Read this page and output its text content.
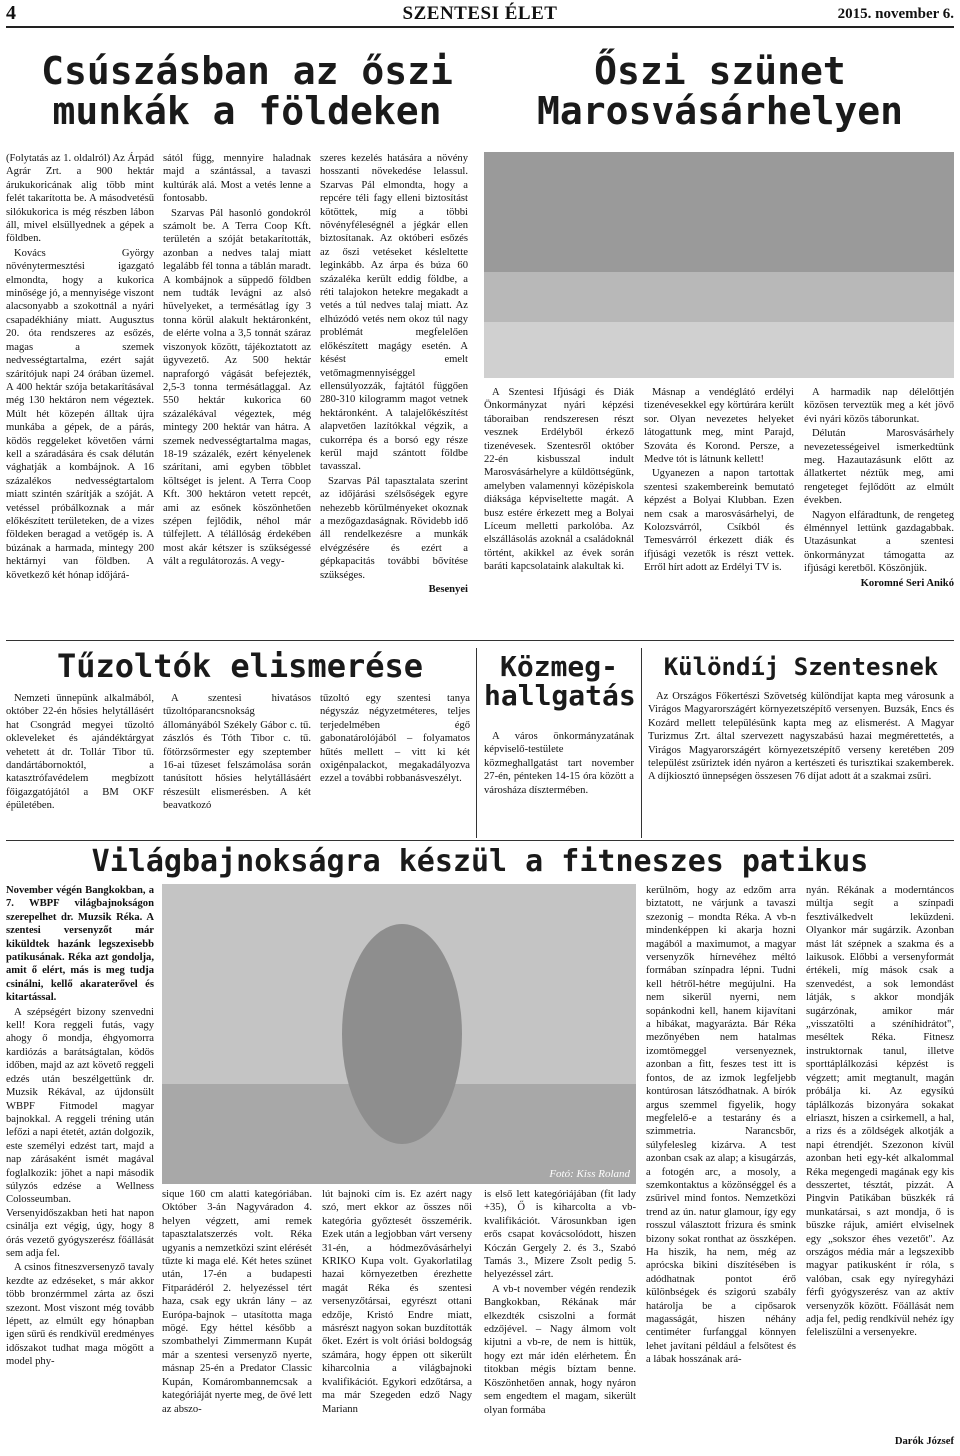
4	SZENTESI ÉLET	2015. november 6.
Csúszásban az őszi
munkák a földeken

(Folytatás az 1. oldalról) Az Árpád Agrár Zrt. a 900 hektár árukukoricának alig több mint felét takarította be. A másodvetésű silókukorica is még részben lábon áll, mivel elsüllyednek a gépek a földben.

Kovács György növénytermesztési igazgató elmondta, hogy a kukorica minősége jó, a mennyisége viszont alacsonyabb a szokottnál a nyári csapadékhiány miatt. Augusztus 20. óta rendszeres az esőzés, magas a szemek nedvességtartalma, ezért saját szárítójuk napi 24 órában üzemel. A 400 hektár szója betakarításával még 130 hektáron nem végeztek. Múlt hét közepén álltak újra munkába a gépek, de a párás, ködös reggeleket követően várni kell a száradására és csak délután vághatják a kombájnok. A 16 százalékos nedvességtartalom miatt szintén szárítják a szóját. A vetéssel próbálkoznak a már előkészített területeken, de a vizes földeken beragad a vetőgép is. A búzának a harmada, mintegy 200 hektárnyi van földben. A következő két hónap időjárá-

sától függ, mennyire haladnak majd a szántással, a tavaszi kultúrák alá. Most a vetés lenne a fontosabb.

Szarvas Pál hasonló gondokról számolt be. A Terra Coop Kft. területén a szóját betakarították, azonban a nedves talaj miatt legalább fél tonna a táblán maradt. A kombájnok a süppedő földben nem tudták levágni az alsó hüvelyeket, a termésátlag így 3 tonna körül alakult hektáronként, de elérte volna a 3,5 tonnát száraz viszonyok között, tájékoztatott az ügyvezető. Az 500 hektár napraforgó vágását befejezték, 2,5-3 tonna termésátlaggal. Az 550 hektár kukorica 60 százalékával végeztek, még mintegy 200 hektár van hátra. A szemek nedvességtartalma magas, 18-19 százalék, ezért kényelenek szárítani, ami egyben többlet költséget is jelent. A Terra Coop Kft. 300 hektáron vetett repcét, ami az esőnek köszönhetően szépen fejlődik, néhol már túlfejlett. A télállóság érdekében most akár kétszer is szükségessé vált a regulátorozás. A vegy-

szeres kezelés hatására a növény hosszanti növekedése lelassul. Szarvas Pál elmondta, hogy a repcére téli fagy elleni biztosítást kötöttek, míg a többi növényféleségnél a jégkár ellen biztosítanak. Az októberi esőzés az őszi vetéseket késleltette leginkább. Az árpa és búza 60 százaléka került eddig földbe, a réti talajokon hetekre megakadt a vetés a túl nedves talaj miatt. Az elhúzódó vetés nem okoz túl nagy problémát megfelelően előkészített magágy esetén. A késést emelt vetőmagmennyiséggel ellensúlyozzák, fajtától függően 280-310 kilogramm magot vetnek hektáronként. A talajelőkészítést alapvetően lazítókkal végzik, a cukorrépa és a borsó egy része kerül majd szántott földbe tavasszal.

Szarvas Pál tapasztalata szerint az időjárási szélsőségek egyre nehezebb körülményeket okoznak a mezőgazdaságnak. Rövidebb idő áll rendelkezésre a munkák elvégzésére és ezért a gépkapacitás további bővítése szükséges.

Besenyei
Őszi szünet
Marosvásárhelyen

A Szentesi Ifjúsági és Diák Önkormányzat nyári képzési táboraiban rendszeresen részt vesznek Erdélyből érkező tizenévesek. Szentesről október 22-én kisbusszal indult Marosvásárhelyre a küldöttségünk, amelyben valamennyi középiskola diáksága képviseltette magát. A busz estére érkezett meg a Bolyai Líceum melletti parkolóba. Az elszállásolás azoknál a családoknál történt, akikkel az évek során baráti kapcsolataink alakultak ki.

Másnap a vendéglátó erdélyi tizenévesekkel egy körtúrára került sor. Olyan nevezetes helyeket látogattunk meg, mint Parajd, Szováta és Korond. Persze, a Medve tót is látnunk kellett!

Ugyanezen a napon tartottak szentesi szakembereink bemutató képzést a Bolyai Klubban. Ezen nem csak a marosvásárhelyi, de Kolozsvárról, Csíkból és Temesvárról érkezett diák és ifjúsági vezetők is részt vettek. Erről hírt adott az Erdélyi TV is.

A harmadik nap délelőttjén közösen terveztük meg a két jövő évi nyári közös táborunkat.

Délután Marosvásárhely nevezetességeivel ismerkedtünk meg. Hazautazásunk előtt az állatkertet néztük meg, ami rengeteget fejlődött az elmúlt években.

Nagyon elfáradtunk, de rengeteg élménnyel lettünk gazdagabbak. Utazásunkat a szentesi önkormányzat támogatta az ifjúsági keretből. Köszönjük.

Koromné Seri Anikó
Tűzoltók elismerése

Nemzeti ünnepünk alkalmából, október 22-én hősies helytállásért hat Csongrád megyei tűzoltó okleveleket és ajándéktárgyat vehetett át dr. Tollár Tibor tű. dandártábornoktól, a katasztrófavédelem megbízott főigazgatójától a BM OKF épületében.

A szentesi hivatásos tűzoltóparancsnokság állományából Székely Gábor c. tű. zászlós és Tóth Tibor c. tű. főtörzsőrmester egy szeptember 16-ai tűzeset felszámolása során tanúsított hősies helytállásáért részesült elismerésben. A két beavatkozó

tűzoltó egy szentesi tanya négyszáz négyzetméteres, teljes terjedelmében égő gabonatárolójából – folyamatos hűtés mellett – vitt ki két oxigénpalackot, megakadályozva ezzel a további robbanásveszélyt.

Közmeg-
hallgatás

A város önkormányzatának képviselő-testülete közmeghallgatást tart november 27-én, pénteken 14-15 óra között a városháza dísztermében.

Különdíj Szentesnek

Az Országos Főkertészi Szövetség különdíjat kapta meg városunk a Virágos Magyarországért környezetszépítő versenyen. Buzsák, Encs és Kozárd mellett településünk kapta meg az elismerést. A Magyar Turizmus Zrt. által szervezett nagyszabású hazai megmérettetés, a Virágos Magyarországért környezetszépítő verseny keretében 209 települést zsűriztek idén nyáron a kertészeti és turisztikai szakemberek. A díjkiosztó ünnepségen összesen 76 díjat adott át a szakmai zsűri.

Világbajnokságra készül a fitneszes patikus

November végén Bangkokban, a 7. WBPF világbajnokságon szerepelhet dr. Muzsik Réka. A szentesi versenyzőt már kiküldtek hazánk legszexisebb patikusának. Réka azt gondolja, amit ő elért, más is meg tudja csinálni, kellő akaraterővel és kitartással.

A szépségért bizony szenvedni kell! Kora reggeli futás, vagy ahogy ő mondja, éhgyomorra kardiózás a barátságtalan, ködös időben, majd az azt követő reggeli edzés után beszélgettünk dr. Muzsik Rékával, az újdonsült WBPF Fitmodel magyar bajnokkal. A reggeli tréning után lefőzi a napi étetét, aztán dolgozik, este személyi edzést tart, majd a nap zárásaként ismét magával foglalkozik: jöhet a napi második súlyzós edzése a Wellness Colosseumban. Versenyidőszakban heti hat napon csinálja ezt végig, úgy, hogy 8 órás vezető gyógyszerész főállását sem adja fel.

A csinos fitneszversenyző tavaly kezdte az edzéseket, s már akkor több bronzérmmel zárta az őszi szezont. Most viszont még tovább lépett, az elmúlt egy hónapban igen sűrű és rendkívül eredményes időszakot tudhat maga mögött a model phy-

Fotó: Kiss Roland

sique 160 cm alatti kategóriában. Október 3-án Nagyváradon 4. helyen végzett, ami remek tapasztalatszerzés volt. Réka ugyanis a nemzetközi szint elérését tűzte ki maga elé. Két hetes szünet után, 17-én a budapesti Fitparádéról 2. helyezéssel tért haza, csak egy ukrán lány – az Európa-bajnok – utasította maga mögé. Egy héttel később a szombathelyi Zimmermann Kupát már a szentesi versenyző nyerte, másnap 25-én a Predator Classic Kupán, Komárombannemcsak a kategóriáját nyerte meg, de övé lett az abszo-

lút bajnoki cím is. Ez azért nagy szó, mert ekkor az összes női kategória győztesét összemérik. Ezek után a legjobban várt verseny 31-én, a hódmezővásárhelyi KRIKO Kupa volt. Gyakorlatilag hazai környezetben érezhette magát Réka és szentesi versenyzőtársai, egyrészt ottani edzője, Kristó Endre miatt, másrészt nagyon sokan buzdították őket. Ezért is volt óriási boldogság számára, hogy éppen ott sikerült kiharcolnia a világbajnoki kvalifikációt. Egykori edzőtársa, a ma már Szegeden edző Nagy Mariann

is első lett kategóriájában (fit lady +35), Ő is kiharcolta a vb-kvalifikációt. Városunkban igen erős csapat kovácsolódott, hiszen Kóczán Gergely 2. és 3., Szabó Tamás 3., Mizere Zsolt pedig 5. helyezéssel zárt.

A vb-t november végén rendezik Bangkokban, Rékának már elkezdték csiszolni a formát edzőjével. – Nagy álmom volt kijutni a vb-re, de nem is hittük, hogy ezt már idén elérhetem. Én titokban mégis bíztam benne. Köszönhetően annak, hogy nyáron sem engedtem el magam, sikerült olyan formába

kerülnöm, hogy az edzőm arra biztatott, ne várjunk a tavaszi szezonig – mondta Réka. A vb-n mindenképpen ki akarja hozni magából a maximumot, a magyar versenyzők hírnevéhez méltó formában színpadra lépni. Tudni kell hétről-hétre megújulni. Ha nem sikerül nyerni, nem sopánkodni kell, hanem kijavítani a hibákat, magyarázta. Bár Réka mezőnyében nem hatalmas izomtömeggel versenyeznek, azonban a fitt, feszes test itt is fontos, de az izmok legfeljebb kontúrosan látszódhatnak. A bírók argus szemmel figyelik, hogy megfelelő-e a testarány és a szimmetria. Narancsbőr, súlyfelesleg kizárva. A test azonban csak az alap; a kisugárzás, a fotogén arc, a mosoly, a szemkontaktus a közönséggel és a zsűrivel mind fontos. Nemzetközi trend az ún. natur glamour, így egy rosszul választott frizura és smink bizony sokat ronthat az összképen. Ha hiszik, ha nem, még az aprócska bikini díszítésében is adódhatnak pontot érő különbségek és szigorú szabály határolja be a cipősarok magasságát, hiszen néhány centiméter furfanggal könnyen lehet javítani például a felsőtest és a lábak hosszának ará-

nyán. Rékának a moderntáncos múltja segít a színpadi fesztiválkedvelt leküzdeni. Olyankor már sugárzik. Azonban mást lát szépnek a szakma és a laikusok. Előbbi a versenyformát értékeli, míg mások csak a szenvedést, a sok lemondást látják, s akkor mondják sugárzónak, amikor már „visszatölti a széníhidrátot", meséltek Réka. Fitnesz instruktornak tanul, illetve sporttáplálkozási képzést is végzett; amit megtanult, magán próbálja ki. Az egysíkú táplálkozás bizonyára sokakat elriaszt, hiszen a csirkemell, a hal, a rizs és a zöldségek alkotják a napi étrendjét. Szezonon kívül azonban heti egy-két alkalommal Réka megengedi magának egy kis desszertet, tésztát, pizzát. A Pingvin Patikában büszkék rá munkatársai, s azt mondja, ő is büszke rájuk, amiért elviselnek egy „sokszor éhes vezetőt". Az országos média már a legszexibb magyar patikusként ír róla, s valóban, csak egy nyíregyházi férfi gyógyszerész van az aktív versenyzők között. Főállását nem adja fel, pedig rendkívül nehéz így feleliszülni a versenyekre.

Darók József
